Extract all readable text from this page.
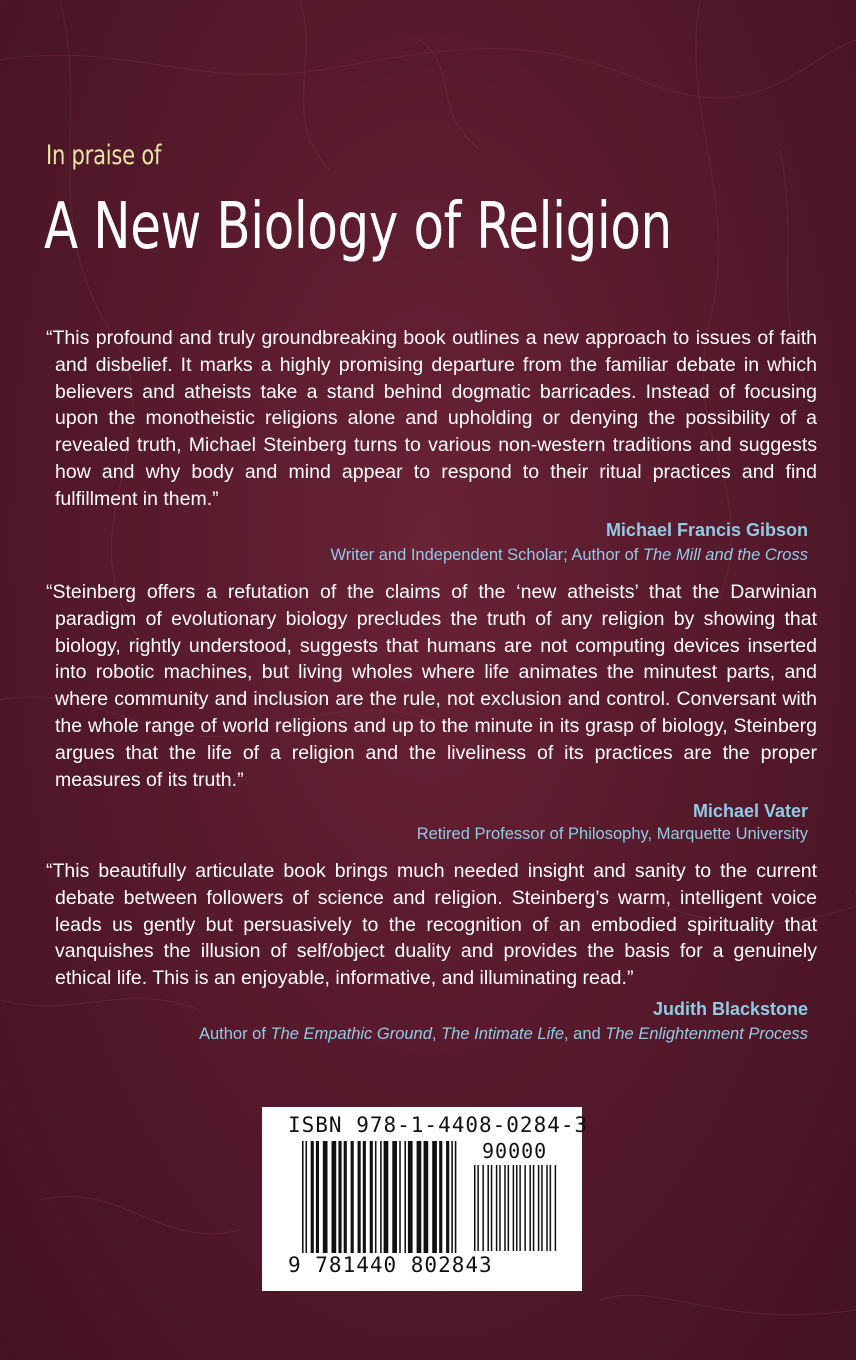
In praise of
A New Biology of Religion

“This profound and truly groundbreaking book outlines a new approach to issues of faith and disbelief. It marks a highly promising departure from the familiar debate in which believers and atheists take a stand behind dogmatic barricades. Instead of focusing upon the monotheistic religions alone and upholding or denying the possibility of a revealed truth, Michael Steinberg turns to various non-western traditions and suggests how and why body and mind appear to respond to their ritual practices and find fulfillment in them.”

Michael Francis Gibson
Writer and Independent Scholar; Author of The Mill and the Cross

“Steinberg offers a refutation of the claims of the ‘new atheists’ that the Darwinian paradigm of evolutionary biology precludes the truth of any religion by showing that biology, rightly understood, suggests that humans are not computing devices inserted into robotic machines, but living wholes where life animates the minutest parts, and where community and inclusion are the rule, not exclusion and control. Conversant with the whole range of world religions and up to the minute in its grasp of biology, Steinberg argues that the life of a religion and the liveliness of its practices are the proper measures of its truth.”

Michael Vater
Retired Professor of Philosophy, Marquette University

“This beautifully articulate book brings much needed insight and sanity to the current debate between followers of science and religion. Steinberg’s warm, intelligent voice leads us gently but persuasively to the recognition of an embodied spirituality that vanquishes the illusion of self/object duality and provides the basis for a genuinely ethical life. This is an enjoyable, informative, and illuminating read.”

Judith Blackstone
Author of The Empathic Ground, The Intimate Life, and The Enlightenment Process
ISBN 978-1-4408-0284-3
90000
9 781440 802843
